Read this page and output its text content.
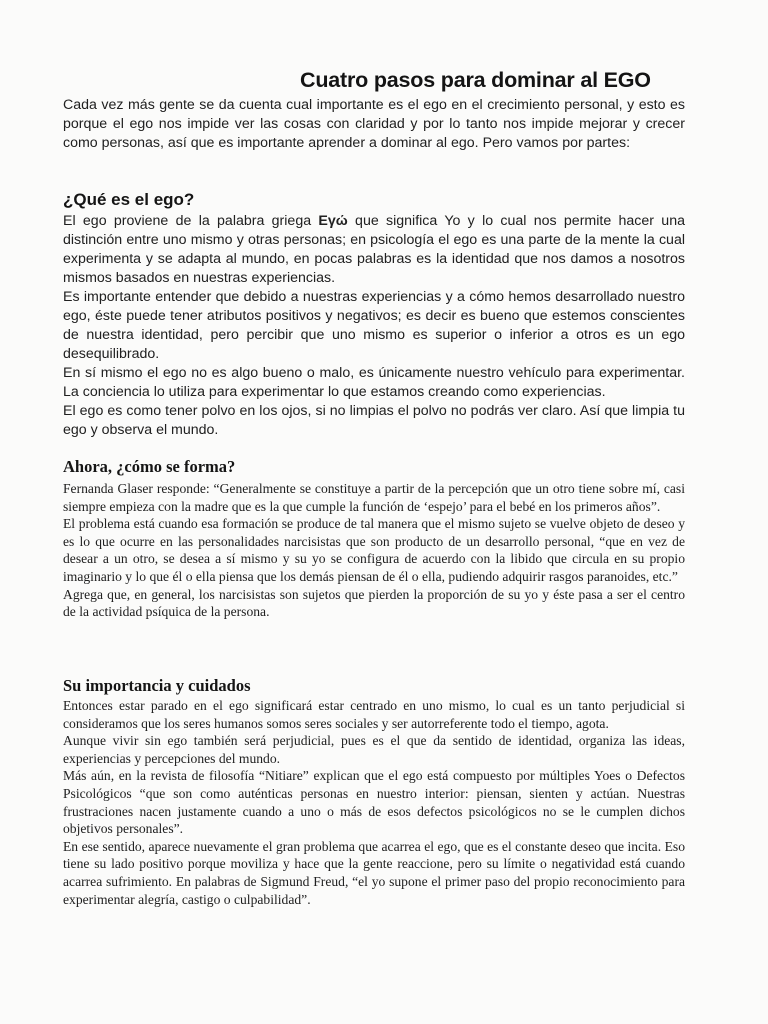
Cuatro pasos para dominar al EGO

Cada vez más gente se da cuenta cual importante es el ego en el crecimiento personal, y esto es porque el ego nos impide ver las cosas con claridad y por lo tanto nos impide mejorar y crecer como personas, así que es importante aprender a dominar al ego. Pero vamos por partes:

¿Qué es el ego?

El ego proviene de la palabra griega Εγώ que significa Yo y lo cual nos permite hacer una distinción entre uno mismo y otras personas; en psicología el ego es una parte de la mente la cual experimenta y se adapta al mundo, en pocas palabras es la identidad que nos damos a nosotros mismos basados en nuestras experiencias.

Es importante entender que debido a nuestras experiencias y a cómo hemos desarrollado nuestro ego, éste puede tener atributos positivos y negativos; es decir es bueno que estemos conscientes de nuestra identidad, pero percibir que uno mismo es superior o inferior a otros es un ego desequilibrado.

En sí mismo el ego no es algo bueno o malo, es únicamente nuestro vehículo para experimentar. La conciencia lo utiliza para experimentar lo que estamos creando como experiencias.

El ego es como tener polvo en los ojos, si no limpias el polvo no podrás ver claro. Así que limpia tu ego y observa el mundo.

Ahora, ¿cómo se forma?

Fernanda Glaser responde: “Generalmente se constituye a partir de la percepción que un otro tiene sobre mí, casi siempre empieza con la madre que es la que cumple la función de ‘espejo’ para el bebé en los primeros años”.

El problema está cuando esa formación se produce de tal manera que el mismo sujeto se vuelve objeto de deseo y es lo que ocurre en las personalidades narcisistas que son producto de un desarrollo personal, “que en vez de desear a un otro, se desea a sí mismo y su yo se configura de acuerdo con la libido que circula en su propio imaginario y lo que él o ella piensa que los demás piensan de él o ella, pudiendo adquirir rasgos paranoides, etc.”

Agrega que, en general, los narcisistas son sujetos que pierden la proporción de su yo y éste pasa a ser el centro de la actividad psíquica de la persona.

Su importancia y cuidados

Entonces estar parado en el ego significará estar centrado en uno mismo, lo cual es un tanto perjudicial si consideramos que los seres humanos somos seres sociales y ser autorreferente todo el tiempo, agota.

Aunque vivir sin ego también será perjudicial, pues es el que da sentido de identidad, organiza las ideas, experiencias y percepciones del mundo.

Más aún, en la revista de filosofía “Nitiare” explican que el ego está compuesto por múltiples Yoes o Defectos Psicológicos “que son como auténticas personas en nuestro interior: piensan, sienten y actúan. Nuestras frustraciones nacen justamente cuando a uno o más de esos defectos psicológicos no se le cumplen dichos objetivos personales”.

En ese sentido, aparece nuevamente el gran problema que acarrea el ego, que es el constante deseo que incita. Eso tiene su lado positivo porque moviliza y hace que la gente reaccione, pero su límite o negatividad está cuando acarrea sufrimiento. En palabras de Sigmund Freud, “el yo supone el primer paso del propio reconocimiento para experimentar alegría, castigo o culpabilidad”.
